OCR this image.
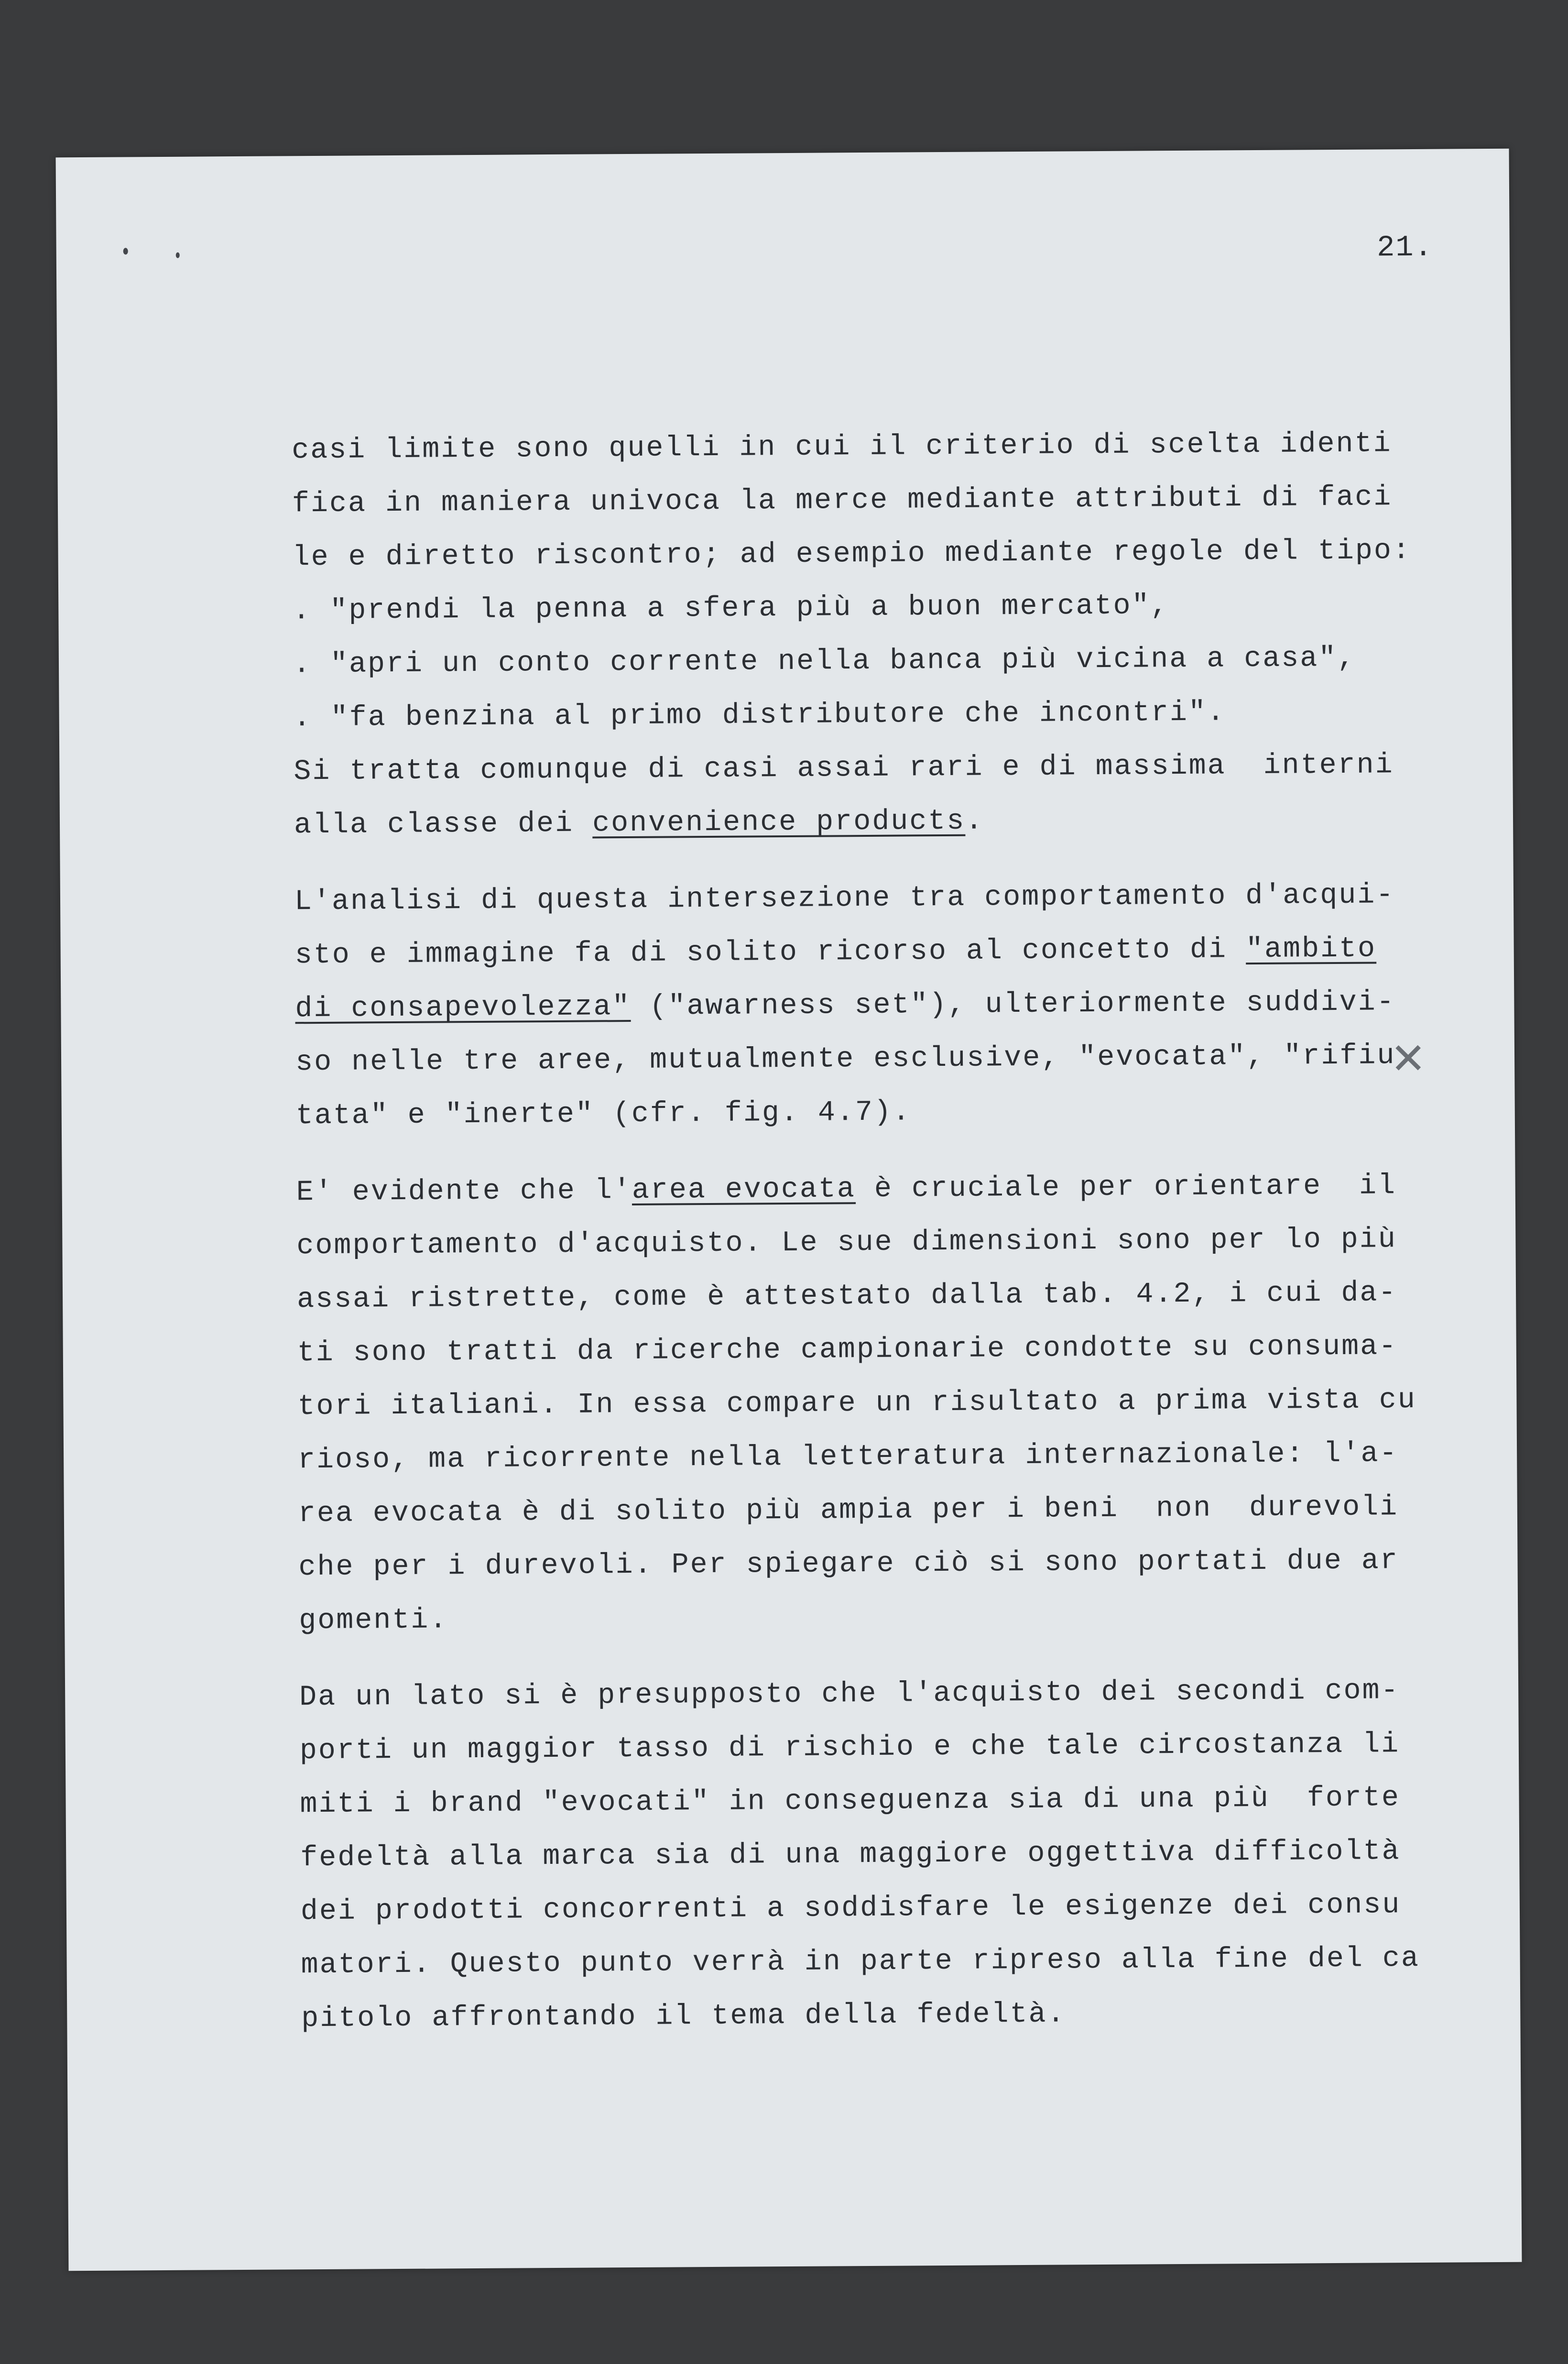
21.
casi limite sono quelli in cui il criterio di scelta identi
fica in maniera univoca la merce mediante attributi di faci
le e diretto riscontro; ad esempio mediante regole del tipo:
. "prendi la penna a sfera più a buon mercato",
. "apri un conto corrente nella banca più vicina a casa",
. "fa benzina al primo distributore che incontri".
Si tratta comunque di casi assai rari e di massima  interni
alla classe dei convenience products.
L'analisi di questa intersezione tra comportamento d'acqui-
sto e immagine fa di solito ricorso al concetto di "ambito
di consapevolezza" ("awarness set"), ulteriormente suddivi-
so nelle tre aree, mutualmente esclusive, "evocata", "rifiu
tata" e "inerte" (cfr. fig. 4.7).
E' evidente che l'area evocata è cruciale per orientare  il
comportamento d'acquisto. Le sue dimensioni sono per lo più
assai ristrette, come è attestato dalla tab. 4.2, i cui da-
ti sono tratti da ricerche campionarie condotte su consuma-
tori italiani. In essa compare un risultato a prima vista cu
rioso, ma ricorrente nella letteratura internazionale: l'a-
rea evocata è di solito più ampia per i beni  non  durevoli
che per i durevoli. Per spiegare ciò si sono portati due ar
gomenti.
Da un lato si è presupposto che l'acquisto dei secondi com-
porti un maggior tasso di rischio e che tale circostanza li
miti i brand "evocati" in conseguenza sia di una più  forte
fedeltà alla marca sia di una maggiore oggettiva difficoltà
dei prodotti concorrenti a soddisfare le esigenze dei consu
matori. Questo punto verrà in parte ripreso alla fine del ca
pitolo affrontando il tema della fedeltà.
✕
